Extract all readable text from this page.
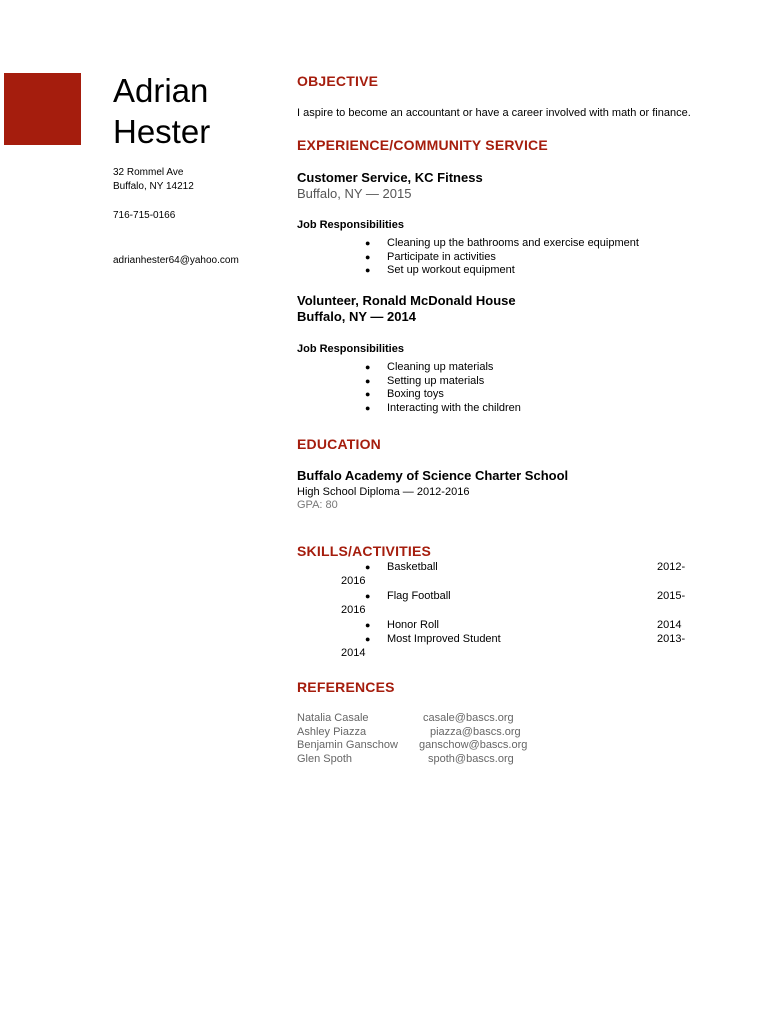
Adrian
Hester
32 Rommel Ave
Buffalo, NY 14212
716-715-0166
adrianhester64@yahoo.com
OBJECTIVE
I aspire to become an accountant or have a career involved with math or finance.
EXPERIENCE/COMMUNITY SERVICE
Customer Service, KC Fitness
Buffalo, NY — 2015
Job Responsibilities
● Cleaning up the bathrooms and exercise equipment
● Participate in activities
● Set up workout equipment
Volunteer, Ronald McDonald House
Buffalo, NY — 2014
Job Responsibilities
● Cleaning up materials
● Setting up materials
● Boxing toys
● Interacting with the children
EDUCATION
Buffalo Academy of Science Charter School
High School Diploma — 2012-2016
GPA: 80
SKILLS/ACTIVITIES
● Basketball	2012-
2016
● Flag Football	2015-
2016
● Honor Roll	2014
● Most Improved Student	2013-
2014
REFERENCES
Natalia Casale	casale@bascs.org
Ashley Piazza	piazza@bascs.org
Benjamin Ganschow ganschow@bascs.org
Glen Spoth	spoth@bascs.org
